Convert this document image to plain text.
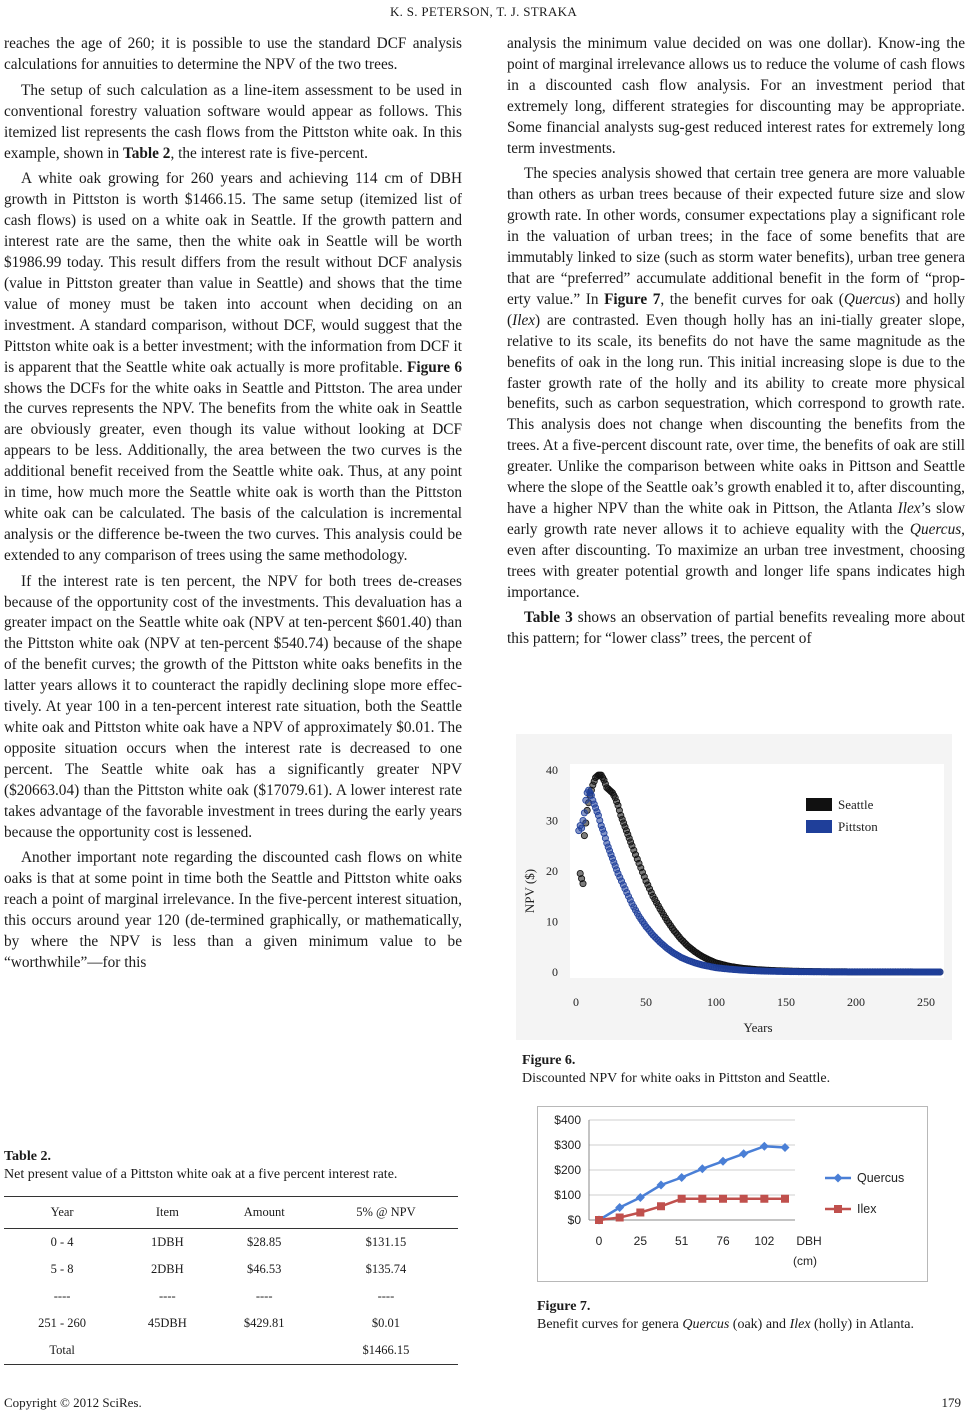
K. S. PETERSON, T. J. STRAKA

reaches the age of 260; it is possible to use the standard DCF analysis calculations for annuities to determine the NPV of the two trees.

The setup of such calculation as a line-item assessment to be used in conventional forestry valuation software would appear as follows. This itemized list represents the cash flows from the Pittston white oak. In this example, shown in Table 2, the interest rate is five-percent.

A white oak growing for 260 years and achieving 114 cm of DBH growth in Pittston is worth $1466.15. The same setup (itemized list of cash flows) is used on a white oak in Seattle. If the growth pattern and interest rate are the same, then the white oak in Seattle will be worth $1986.99 today. This result differs from the result without DCF analysis (value in Pittston greater than value in Seattle) and shows that the time value of money must be taken into account when deciding on an investment. A standard comparison, without DCF, would suggest that the Pittston white oak is a better investment; with the information from DCF it is apparent that the Seattle white oak actually is more profitable. Figure 6 shows the DCFs for the white oaks in Seattle and Pittston. The area under the curves represents the NPV. The benefits from the white oak in Seattle are obviously greater, even though its value without looking at DCF appears to be less. Additionally, the area between the two curves is the additional benefit received from the Seattle white oak. Thus, at any point in time, how much more the Seattle white oak is worth than the Pittston white oak can be calculated. The basis of the calculation is incremental analysis or the difference be-tween the two curves. This analysis could be extended to any comparison of trees using the same methodology.

If the interest rate is ten percent, the NPV for both trees de-creases because of the opportunity cost of the investments. This devaluation has a greater impact on the Seattle white oak (NPV at ten-percent $601.40) than the Pittston white oak (NPV at ten-percent $540.74) because of the shape of the benefit curves; the growth of the Pittston white oaks benefits in the latter years allows it to counteract the rapidly declining slope more effec-tively. At year 100 in a ten-percent interest rate situation, both the Seattle white oak and Pittston white oak have a NPV of approximately $0.01. The opposite situation occurs when the interest rate is decreased to one percent. The Seattle white oak has a significantly greater NPV ($20663.04) than the Pittston white oak ($17079.61). A lower interest rate takes advantage of the favorable investment in trees during the early years because the opportunity cost is lessened.

Another important note regarding the discounted cash flows on white oaks is that at some point in time both the Seattle and Pittston white oaks reach a point of marginal irrelevance. In the five-percent interest situation, this occurs around year 120 (de-termined graphically, or mathematically, by where the NPV is less than a given minimum value to be “worthwhile”—for this

analysis the minimum value decided on was one dollar). Know-ing the point of marginal irrelevance allows us to reduce the volume of cash flows in a discounted cash flow analysis. For an investment period that extremely long, different strategies for discounting may be appropriate. Some financial analysts sug-gest reduced interest rates for extremely long term investments.

The species analysis showed that certain tree genera are more valuable than others as urban trees because of their expected future size and slow growth rate. In other words, consumer expectations play a significant role in the valuation of urban trees; in the face of some benefits that are immutably linked to size (such as storm water benefits), urban tree genera that are “preferred” accumulate additional benefit in the form of “prop-erty value.” In Figure 7, the benefit curves for oak (Quercus) and holly (Ilex) are contrasted. Even though holly has an ini-tially greater slope, relative to its scale, its benefits do not have the same magnitude as the benefits of oak in the long run. This initial increasing slope is due to the faster growth rate of the holly and its ability to create more physical benefits, such as carbon sequestration, which correspond to growth rate. This analysis does not change when discounting the benefits from the trees. At a five-percent discount rate, over time, the benefits of oak are still greater. Unlike the comparison between white oaks in Pittson and Seattle where the slope of the Seattle oak’s growth enabled it to, after discounting, have a higher NPV than the white oak in Pittson, the Atlanta Ilex’s slow early growth rate never allows it to achieve equality with the Quercus, even after discounting. To maximize an urban tree investment, choosing trees with greater potential growth and longer life spans indicates high importance.

Table 3 shows an observation of partial benefits revealing more about this pattern; for “lower class” trees, the percent of

Table 2.
Net present value of a Pittston white oak at a five percent interest rate.
Year	Item	Amount	5% @ NPV
0 - 4	1DBH	$28.85	$131.15
5 - 8	2DBH	$46.53	$135.74
----	----	----	----
251 - 260	45DBH	$429.81	$0.01
Total			$1466.15
0
10
20
30
40
0	50	100	150	200	250
Years
NPV ($)
Seattle
Pittston
Figure 6.
Discounted NPV for white oaks in Pittston and Seattle.
$0
$100
$200
$300
$400
0	25 51 76 102 DBH
(cm)
Quercus
Ilex
Figure 7.
Benefit curves for genera Quercus (oak) and Ilex (holly) in Atlanta.
Copyright © 2012 SciRes.	179
